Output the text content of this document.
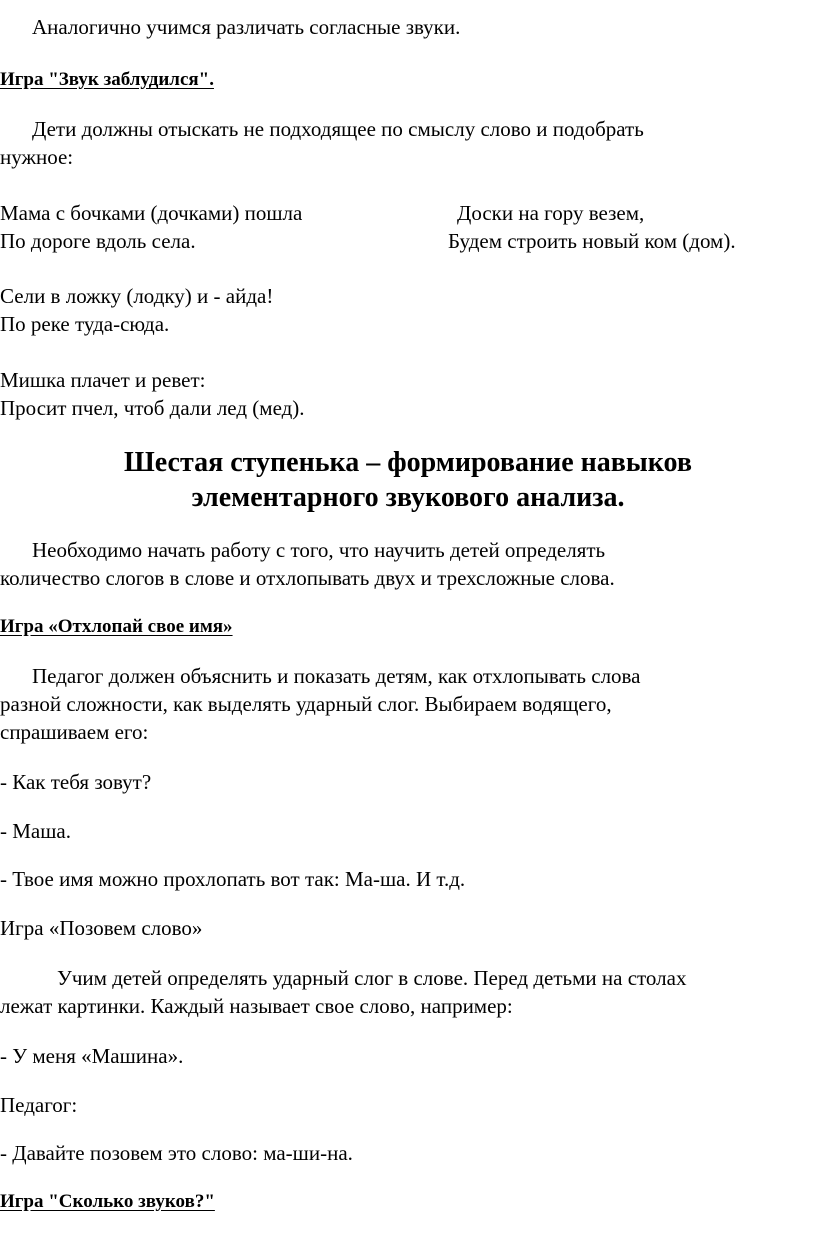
Аналогично учимся различать согласные звуки.
Игра "Звук заблудился".
Дети должны отыскать не подходящее по смыслу слово и подобрать
нужное:
Мама с бочками (дочками) пошла
По дороге вдоль села.
Доски на гору везем,
Будем строить новый ком (дом).
Сели в ложку (лодку) и - айда!
По реке туда-сюда.
Мишка плачет и ревет:
Просит пчел, чтоб дали лед (мед).
Шестая ступенька – формирование навыков
элементарного звукового анализа.
Необходимо начать работу с того, что научить детей определять
количество слогов в слове и отхлопывать двух и трехсложные слова.
Игра «Отхлопай свое имя»
Педагог должен объяснить и показать детям, как отхлопывать слова
разной сложности, как выделять ударный слог. Выбираем водящего,
спрашиваем его:
- Как тебя зовут?
- Маша.
- Твое имя можно прохлопать вот так: Ма-ша. И т.д.
Игра «Позовем слово»
Учим детей определять ударный слог в слове. Перед детьми на столах
лежат картинки. Каждый называет свое слово, например:
- У меня «Машина».
Педагог:
- Давайте позовем это слово: ма-ши-на.
Игра "Сколько звуков?"
